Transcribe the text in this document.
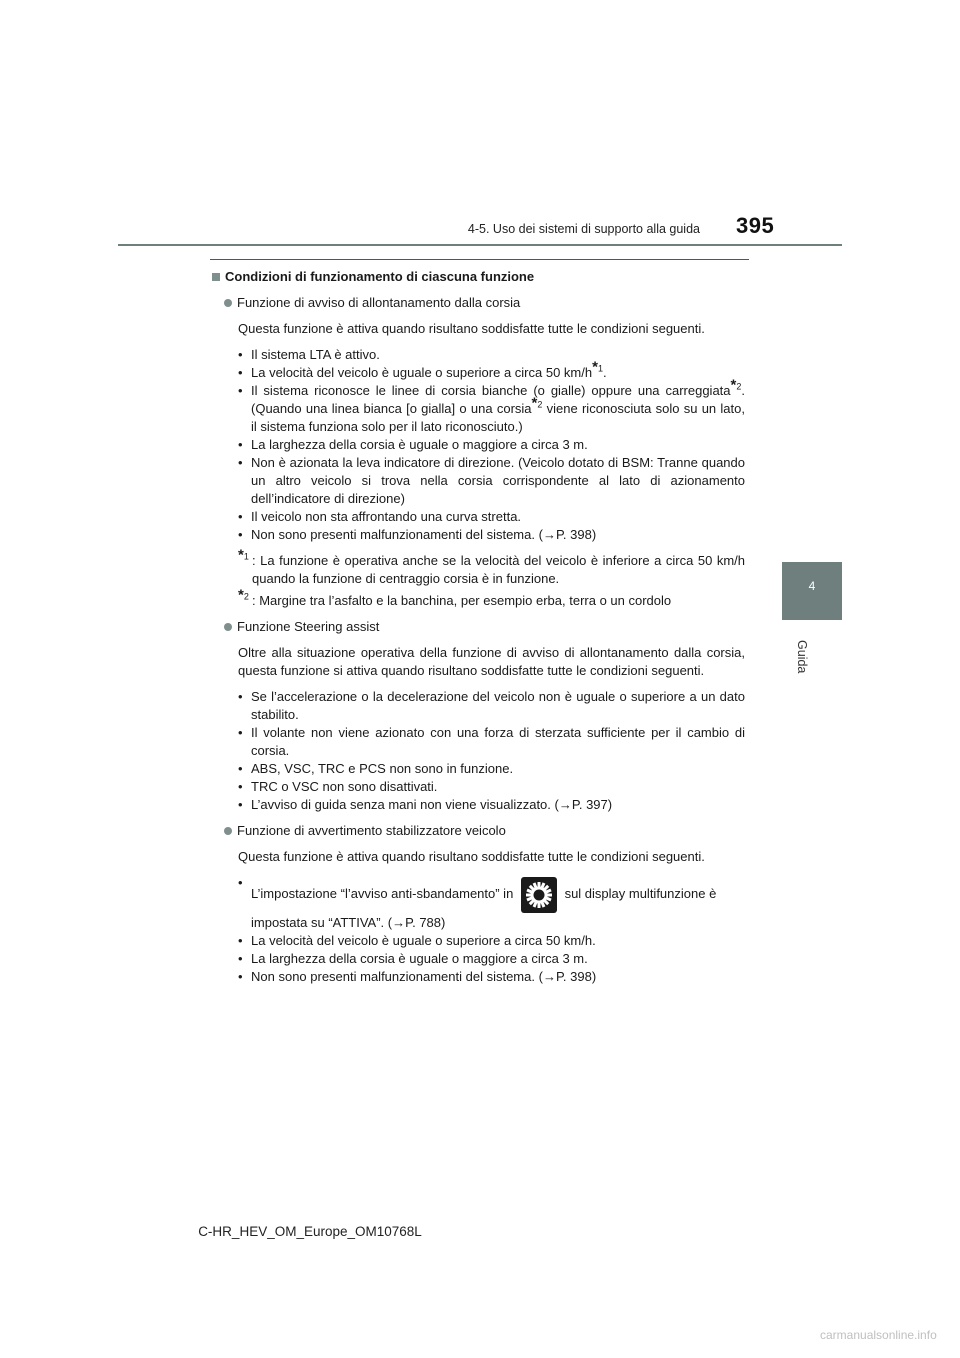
4-5. Uso dei sistemi di supporto alla guida 395
4
Guida
Condizioni di funzionamento di ciascuna funzione
Funzione di avviso di allontanamento dalla corsia
Questa funzione è attiva quando risultano soddisfatte tutte le condizioni seguenti.
• Il sistema LTA è attivo.
• La velocità del veicolo è uguale o superiore a circa 50 km/h*$^1$.
• Il sistema riconosce le linee di corsia bianche (o gialle) oppure una carreggiata*$^2$. (Quando una linea bianca [o gialla] o una corsia*$^2$ viene riconosciuta solo su un lato, il sistema funziona solo per il lato riconosciuto.)
• La larghezza della corsia è uguale o maggiore a circa 3 m.
• Non è azionata la leva indicatore di direzione. (Veicolo dotato di BSM: Tranne quando un altro veicolo si trova nella corsia corrispondente al lato di azionamento dell’indicatore di direzione)
• Il veicolo non sta affrontando una curva stretta.
• Non sono presenti malfunzionamenti del sistema. (→P. 398)
*$^1$ : La funzione è operativa anche se la velocità del veicolo è inferiore a circa 50 km/h quando la funzione di centraggio corsia è in funzione.
*$^2$ : Margine tra l’asfalto e la banchina, per esempio erba, terra o un cordolo
Funzione Steering assist
Oltre alla situazione operativa della funzione di avviso di allontanamento dalla corsia, questa funzione si attiva quando risultano soddisfatte tutte le condizioni seguenti.
• Se l’accelerazione o la decelerazione del veicolo non è uguale o superiore a un dato stabilito.
• Il volante non viene azionato con una forza di sterzata sufficiente per il cambio di corsia.
• ABS, VSC, TRC e PCS non sono in funzione.
• TRC o VSC non sono disattivati.
• L’avviso di guida senza mani non viene visualizzato. (→P. 397)
Funzione di avvertimento stabilizzatore veicolo
Questa funzione è attiva quando risultano soddisfatte tutte le condizioni seguenti.
• L’impostazione “l’avviso anti-sbandamento” in	sul display multifunzione è
impostata su “ATTIVA”. (→P. 788)
• La velocità del veicolo è uguale o superiore a circa 50 km/h.
• La larghezza della corsia è uguale o maggiore a circa 3 m.
• Non sono presenti malfunzionamenti del sistema. (→P. 398)
C-HR_HEV_OM_Europe_OM10768L
carmanualsonline.info
